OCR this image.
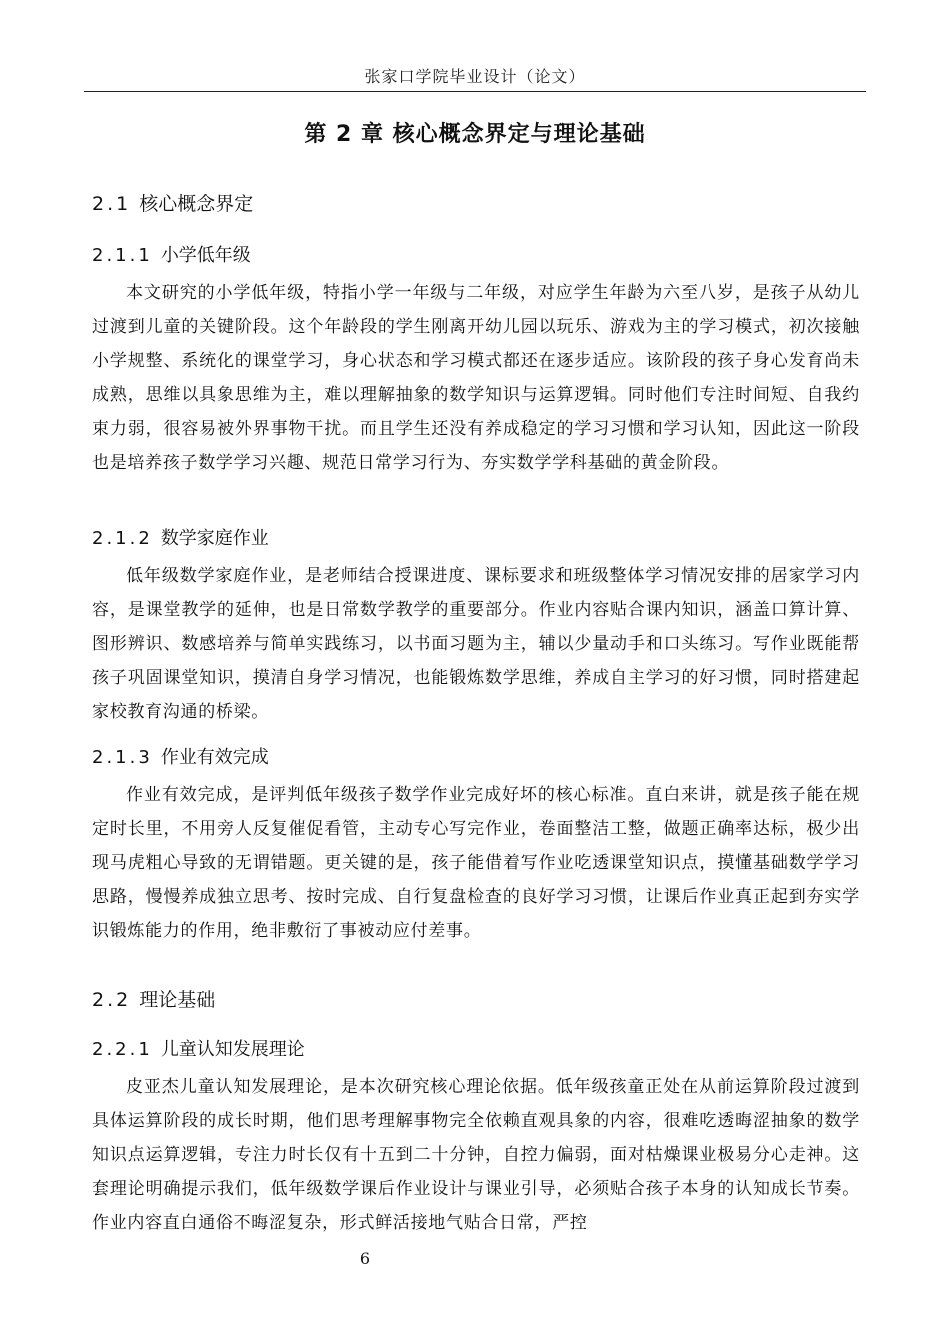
张家口学院毕业设计（论文）
第 2 章 核心概念界定与理论基础
2.1 核心概念界定
2.1.1 小学低年级
本文研究的小学低年级，特指小学一年级与二年级，对应学生年龄为六至八岁，是孩子从幼儿过渡到儿童的关键阶段。这个年龄段的学生刚离开幼儿园以玩乐、游戏为主的学习模式，初次接触小学规整、系统化的课堂学习，身心状态和学习模式都还在逐步适应。该阶段的孩子身心发育尚未成熟，思维以具象思维为主，难以理解抽象的数学知识与运算逻辑。同时他们专注时间短、自我约束力弱，很容易被外界事物干扰。而且学生还没有养成稳定的学习习惯和学习认知，因此这一阶段也是培养孩子数学学习兴趣、规范日常学习行为、夯实数学学科基础的黄金阶段。
2.1.2 数学家庭作业
低年级数学家庭作业，是老师结合授课进度、课标要求和班级整体学习情况安排的居家学习内容，是课堂教学的延伸，也是日常数学教学的重要部分。作业内容贴合课内知识，涵盖口算计算、图形辨识、数感培养与简单实践练习，以书面习题为主，辅以少量动手和口头练习。写作业既能帮孩子巩固课堂知识，摸清自身学习情况，也能锻炼数学思维，养成自主学习的好习惯，同时搭建起家校教育沟通的桥梁。
2.1.3 作业有效完成
作业有效完成，是评判低年级孩子数学作业完成好坏的核心标准。直白来讲，就是孩子能在规定时长里，不用旁人反复催促看管，主动专心写完作业，卷面整洁工整，做题正确率达标，极少出现马虎粗心导致的无谓错题。更关键的是，孩子能借着写作业吃透课堂知识点，摸懂基础数学学习思路，慢慢养成独立思考、按时完成、自行复盘检查的良好学习习惯，让课后作业真正起到夯实学识锻炼能力的作用，绝非敷衍了事被动应付差事。
2.2 理论基础
2.2.1 儿童认知发展理论
皮亚杰儿童认知发展理论，是本次研究核心理论依据。低年级孩童正处在从前运算阶段过渡到具体运算阶段的成长时期，他们思考理解事物完全依赖直观具象的内容，很难吃透晦涩抽象的数学知识点运算逻辑，专注力时长仅有十五到二十分钟，自控力偏弱，面对枯燥课业极易分心走神。这套理论明确提示我们，低年级数学课后作业设计与课业引导，必须贴合孩子本身的认知成长节奏。作业内容直白通俗不晦涩复杂，形式鲜活接地气贴合日常，严控
6
